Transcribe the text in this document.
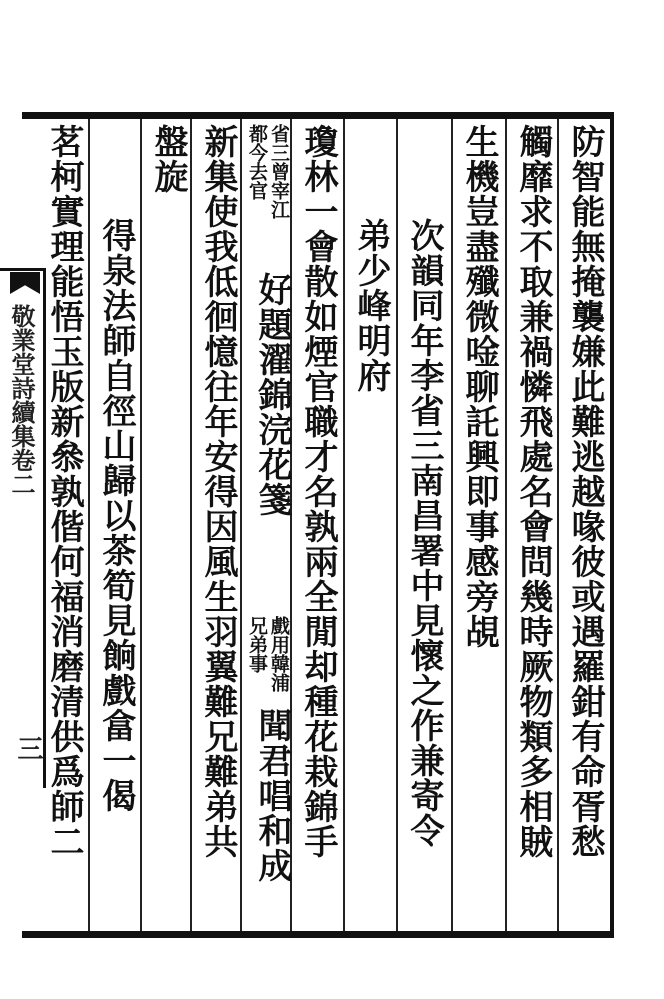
防智能無掩襲嫌此難逃越喙彼或遇羅鉗有命胥愁
觸靡求不取兼禍憐飛處名會問幾時厥物類多相賊
生機豈盡殲微唫聊託興即事感旁覘
次韻同年李省三南昌署中見懷之作兼寄令
弟少峰明府
瓊林一會散如煙官職才名孰兩全閒却種花栽錦手
省三曾宰江
都今去官
好題濯錦浣花箋
戲用韓浦
兄弟事
聞君唱和成
新集使我低徊憶往年安得因風生羽翼難兄難弟共
盤旋
得泉法師自徑山歸以茶筍見餉戲畣一偈
茗柯實理能悟玉版新叅孰偕何福消磨清供爲師二
敬業堂詩續集卷二
三
